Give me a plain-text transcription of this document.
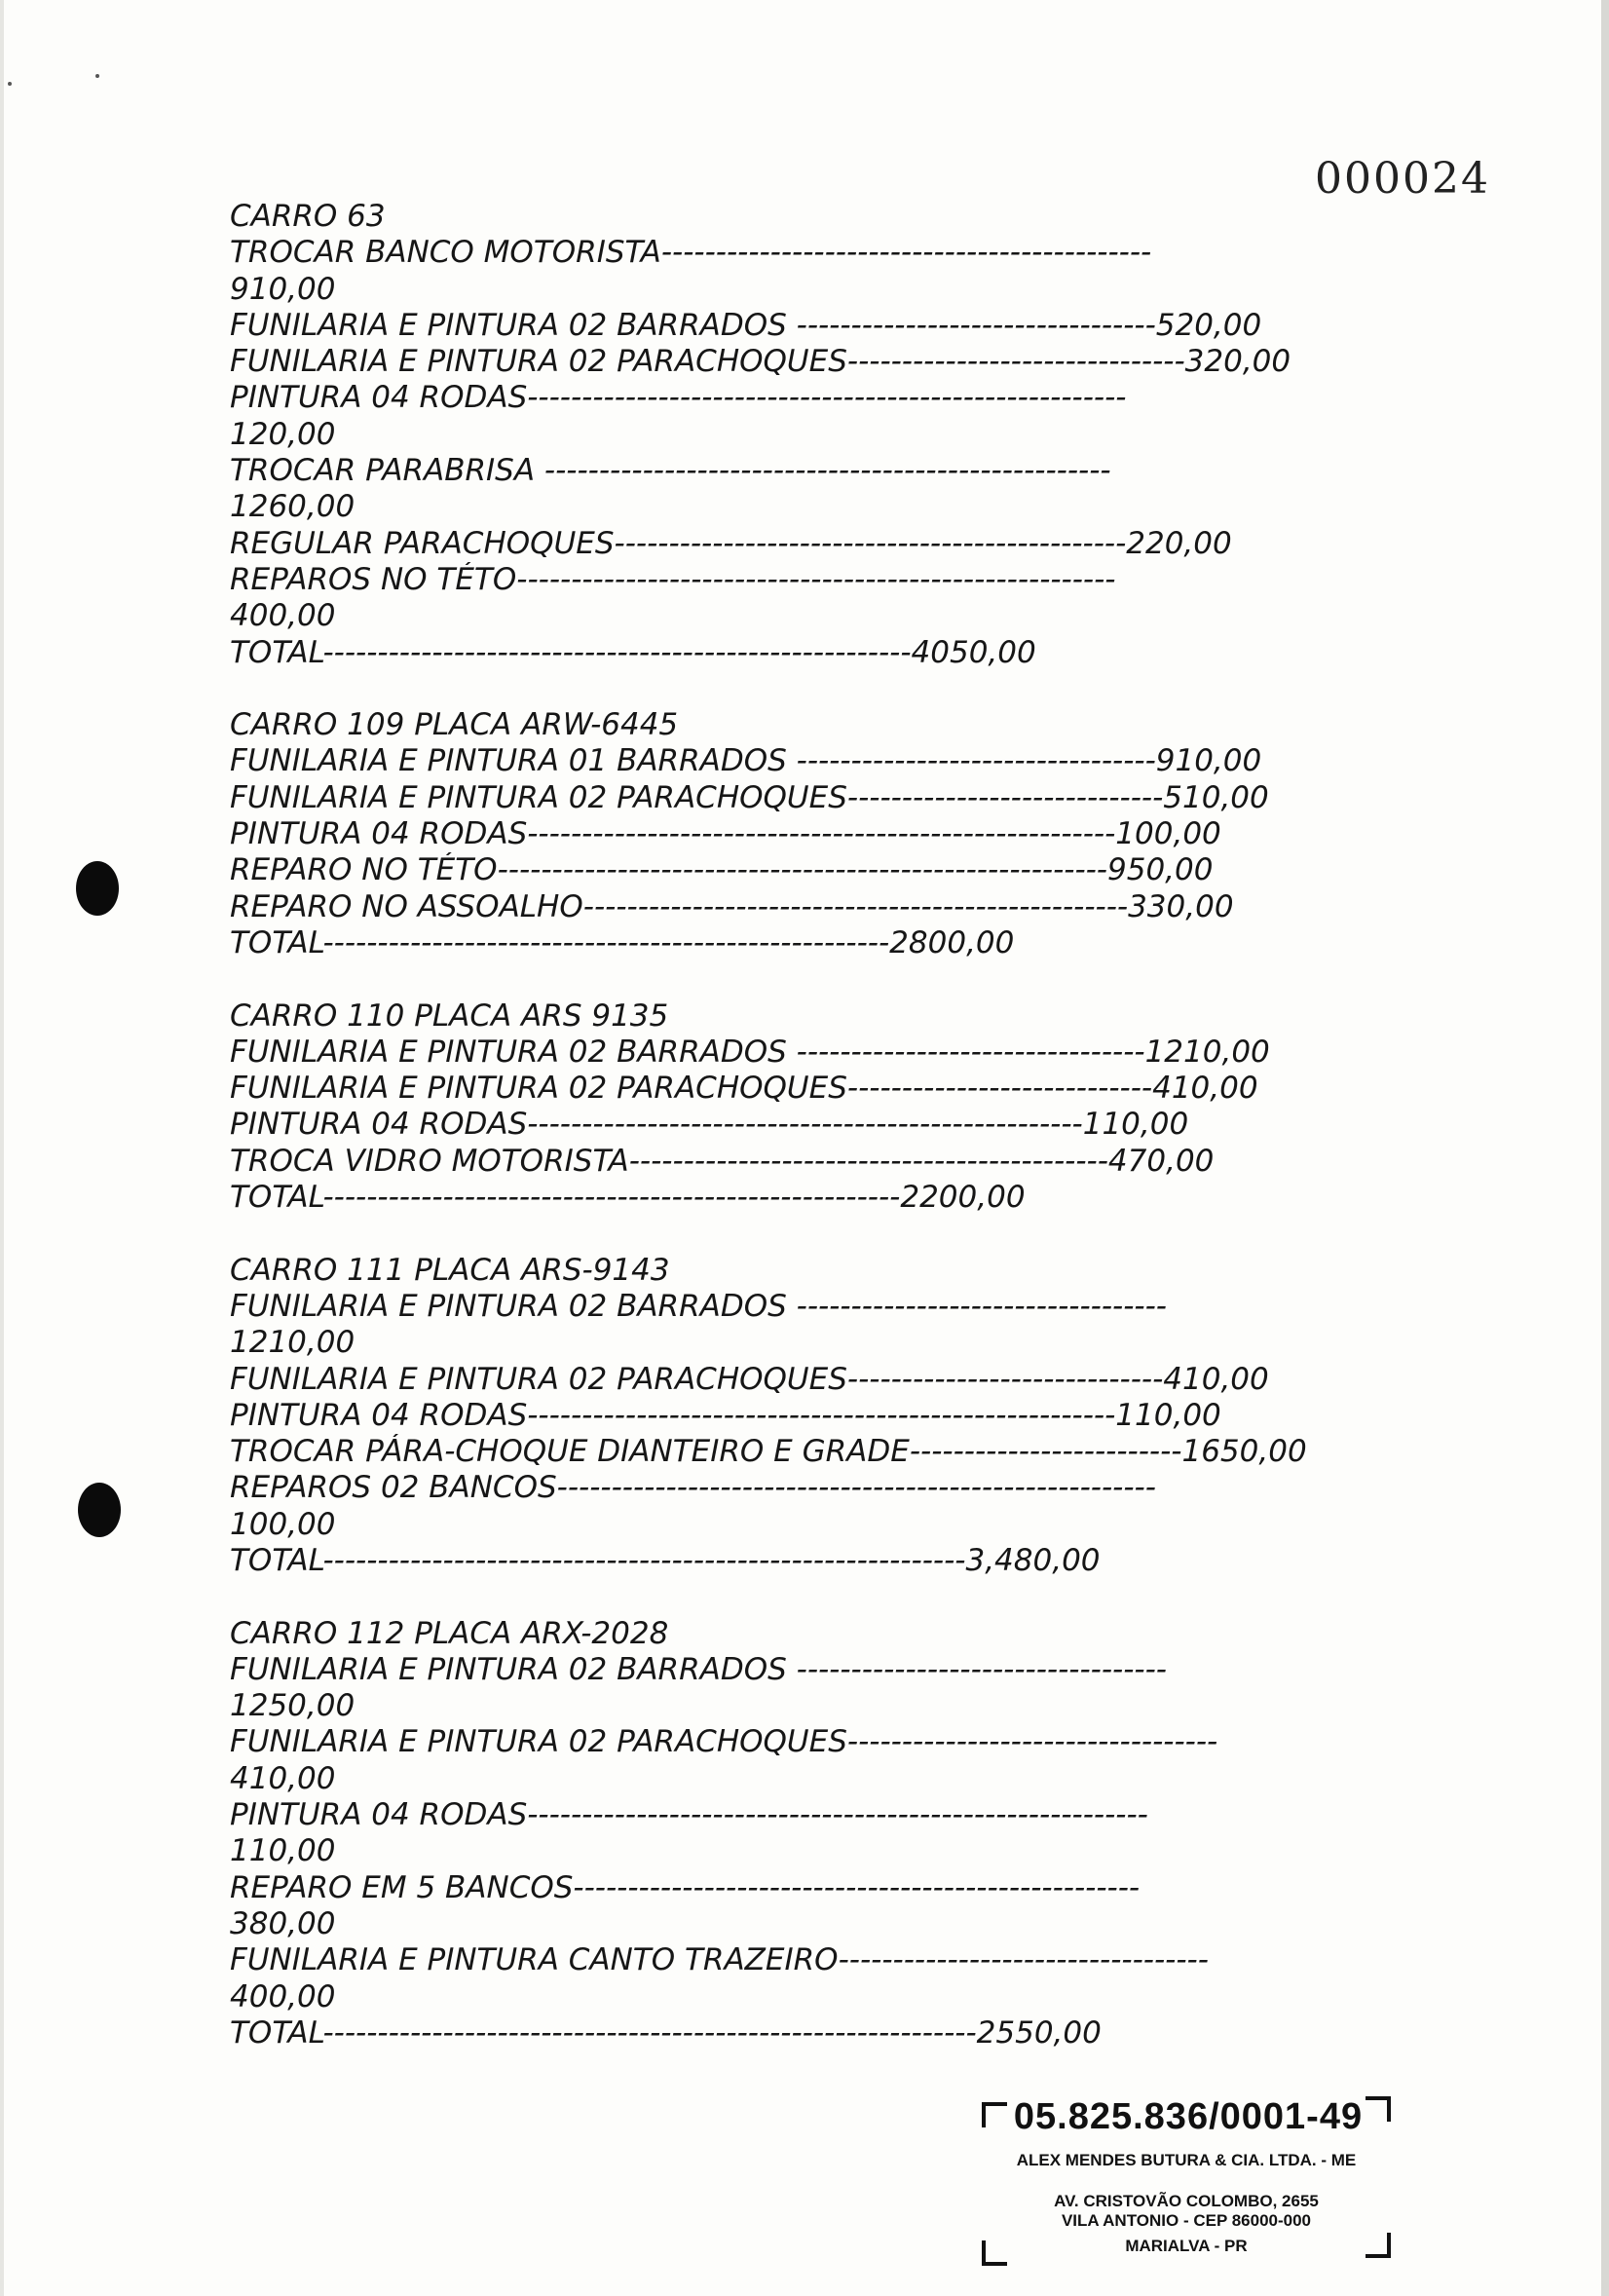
000024
CARRO 63
TROCAR BANCO MOTORISTA---------------------------------------------
910,00
FUNILARIA E PINTURA 02 BARRADOS ---------------------------------520,00
FUNILARIA E PINTURA 02 PARACHOQUES-------------------------------320,00
PINTURA 04 RODAS-------------------------------------------------------
120,00
TROCAR PARABRISA ----------------------------------------------------
1260,00
REGULAR PARACHOQUES-----------------------------------------------220,00
REPAROS NO TÉTO-------------------------------------------------------
400,00
TOTAL------------------------------------------------------4050,00
CARRO 109 PLACA ARW-6445
FUNILARIA E PINTURA 01 BARRADOS ---------------------------------910,00
FUNILARIA E PINTURA 02 PARACHOQUES-----------------------------510,00
PINTURA 04 RODAS------------------------------------------------------100,00
REPARO NO TÉTO--------------------------------------------------------950,00
REPARO NO ASSOALHO--------------------------------------------------330,00
TOTAL----------------------------------------------------2800,00
CARRO 110 PLACA ARS 9135
FUNILARIA E PINTURA 02 BARRADOS --------------------------------1210,00
FUNILARIA E PINTURA 02 PARACHOQUES----------------------------410,00
PINTURA 04 RODAS---------------------------------------------------110,00
TROCA VIDRO MOTORISTA--------------------------------------------470,00
TOTAL-----------------------------------------------------2200,00
CARRO 111 PLACA ARS-9143
FUNILARIA E PINTURA 02 BARRADOS ----------------------------------
1210,00
FUNILARIA E PINTURA 02 PARACHOQUES-----------------------------410,00
PINTURA 04 RODAS------------------------------------------------------110,00
TROCAR PÁRA-CHOQUE DIANTEIRO E GRADE-------------------------1650,00
REPAROS 02 BANCOS-------------------------------------------------------
100,00
TOTAL-----------------------------------------------------------3,480,00
CARRO 112 PLACA ARX-2028
FUNILARIA E PINTURA 02 BARRADOS ----------------------------------
1250,00
FUNILARIA E PINTURA 02 PARACHOQUES----------------------------------
410,00
PINTURA 04 RODAS---------------------------------------------------------
110,00
REPARO EM 5 BANCOS----------------------------------------------------
380,00
FUNILARIA E PINTURA CANTO TRAZEIRO----------------------------------
400,00
TOTAL------------------------------------------------------------2550,00
05.825.836/0001-49
ALEX MENDES BUTURA & CIA. LTDA. - ME
AV. CRISTOVÃO COLOMBO, 2655
VILA ANTONIO - CEP 86000-000
MARIALVA - PR
